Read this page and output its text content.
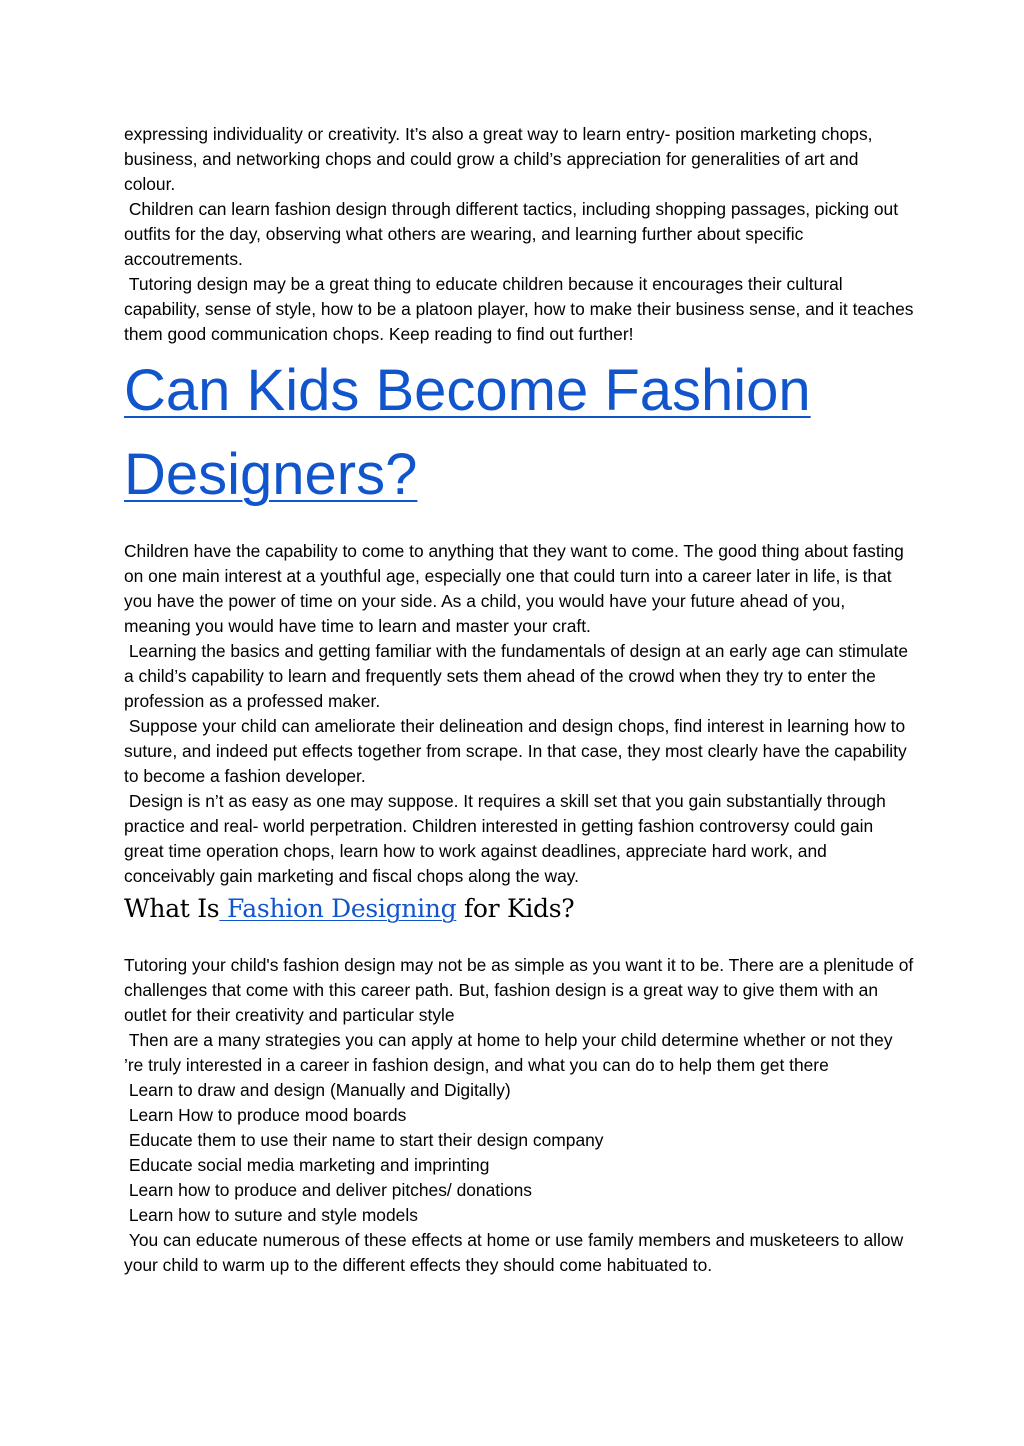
expressing individuality or creativity. It’s also a great way to learn entry- position marketing chops, business, and networking chops and could grow a child’s appreciation for generalities of art and colour.

Children can learn fashion design through different tactics, including shopping passages, picking out outfits for the day, observing what others are wearing, and learning further about specific accoutrements.

Tutoring design may be a great thing to educate children because it encourages their cultural capability, sense of style, how to be a platoon player, how to make their business sense, and it teaches them good communication chops. Keep reading to find out further!

Can Kids Become Fashion
Designers?

Children have the capability to come to anything that they want to come. The good thing about fasting on one main interest at a youthful age, especially one that could turn into a career later in life, is that you have the power of time on your side. As a child, you would have your future ahead of you, meaning you would have time to learn and master your craft.

Learning the basics and getting familiar with the fundamentals of design at an early age can stimulate a child’s capability to learn and frequently sets them ahead of the crowd when they try to enter the profession as a professed maker.

Suppose your child can ameliorate their delineation and design chops, find interest in learning how to suture, and indeed put effects together from scrape. In that case, they most clearly have the capability to become a fashion developer.

Design is n’t as easy as one may suppose. It requires a skill set that you gain substantially through practice and real- world perpetration. Children interested in getting fashion controversy could gain great time operation chops, learn how to work against deadlines, appreciate hard work, and conceivably gain marketing and fiscal chops along the way.

What Is Fashion Designing for Kids?

Tutoring your child's fashion design may not be as simple as you want it to be. There are a plenitude of challenges that come with this career path. But, fashion design is a great way to give them with an outlet for their creativity and particular style

Then are a many strategies you can apply at home to help your child determine whether or not they ’re truly interested in a career in fashion design, and what you can do to help them get there

Learn to draw and design (Manually and Digitally)

Learn How to produce mood boards

Educate them to use their name to start their design company

Educate social media marketing and imprinting

Learn how to produce and deliver pitches/ donations

Learn how to suture and style models

You can educate numerous of these effects at home or use family members and musketeers to allow your child to warm up to the different effects they should come habituated to.
